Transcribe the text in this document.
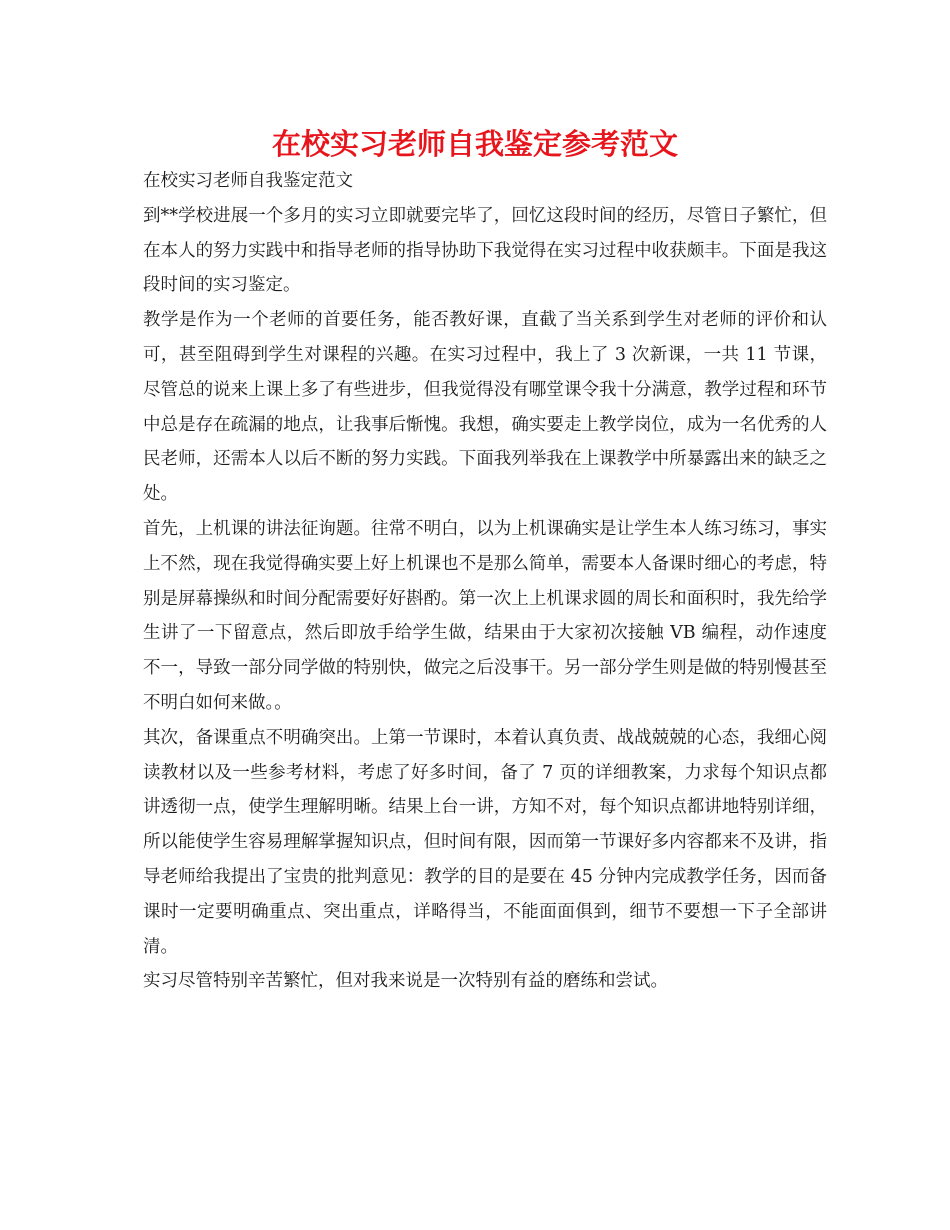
在校实习老师自我鉴定参考范文

在校实习老师自我鉴定范文

到**学校进展一个多月的实习立即就要完毕了，回忆这段时间的经历，尽管日子繁忙，但在本人的努力实践中和指导老师的指导协助下我觉得在实习过程中收获颇丰。下面是我这段时间的实习鉴定。

教学是作为一个老师的首要任务，能否教好课，直截了当关系到学生对老师的评价和认可，甚至阻碍到学生对课程的兴趣。在实习过程中，我上了 3 次新课，一共 11 节课，尽管总的说来上课上多了有些进步，但我觉得没有哪堂课令我十分满意，教学过程和环节中总是存在疏漏的地点，让我事后惭愧。我想，确实要走上教学岗位，成为一名优秀的人民老师，还需本人以后不断的努力实践。下面我列举我在上课教学中所暴露出来的缺乏之处。

首先，上机课的讲法征询题。往常不明白，以为上机课确实是让学生本人练习练习，事实上不然，现在我觉得确实要上好上机课也不是那么简单，需要本人备课时细心的考虑，特别是屏幕操纵和时间分配需要好好斟酌。第一次上上机课求圆的周长和面积时，我先给学生讲了一下留意点，然后即放手给学生做，结果由于大家初次接触 VB 编程，动作速度不一，导致一部分同学做的特别快，做完之后没事干。另一部分学生则是做的特别慢甚至不明白如何来做。。

其次，备课重点不明确突出。上第一节课时，本着认真负责、战战兢兢的心态，我细心阅读教材以及一些参考材料，考虑了好多时间，备了 7 页的详细教案，力求每个知识点都讲透彻一点，使学生理解明晰。结果上台一讲，方知不对，每个知识点都讲地特别详细，所以能使学生容易理解掌握知识点，但时间有限，因而第一节课好多内容都来不及讲，指导老师给我提出了宝贵的批判意见：教学的目的是要在 45 分钟内完成教学任务，因而备课时一定要明确重点、突出重点，详略得当，不能面面俱到，细节不要想一下子全部讲清。

实习尽管特别辛苦繁忙，但对我来说是一次特别有益的磨练和尝试。
